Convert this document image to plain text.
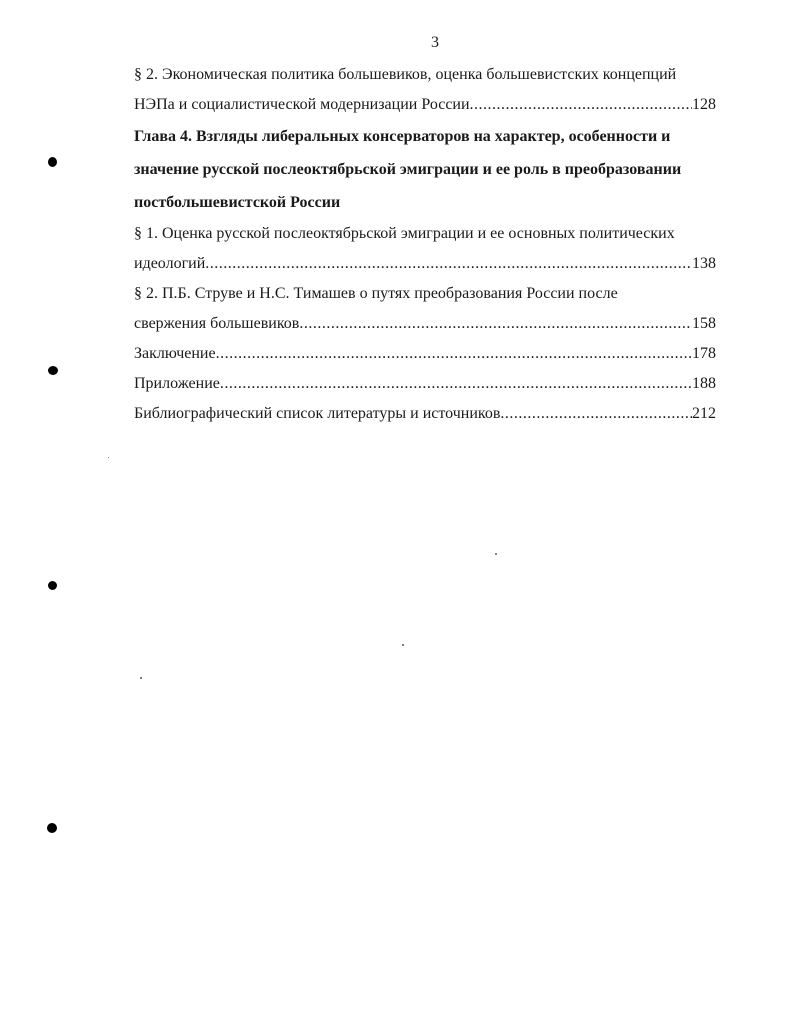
3
§ 2. Экономическая политика большевиков, оценка большевистских концепций
НЭПа и социалистической модернизации России .....	128
Глава 4. Взгляды либеральных консерваторов на характер, особенности и
значение русской послеоктябрьской эмиграции и ее роль в преобразовании
постбольшевистской России
§ 1. Оценка русской послеоктябрьской эмиграции и ее основных политических
идеологий .....	138
§ 2. П.Б. Струве и Н.С. Тимашев о путях преобразования России после
свержения большевиков .....	158
Заключение .....	178
Приложение .....	188
Библиографический список литературы и источников .....	212
